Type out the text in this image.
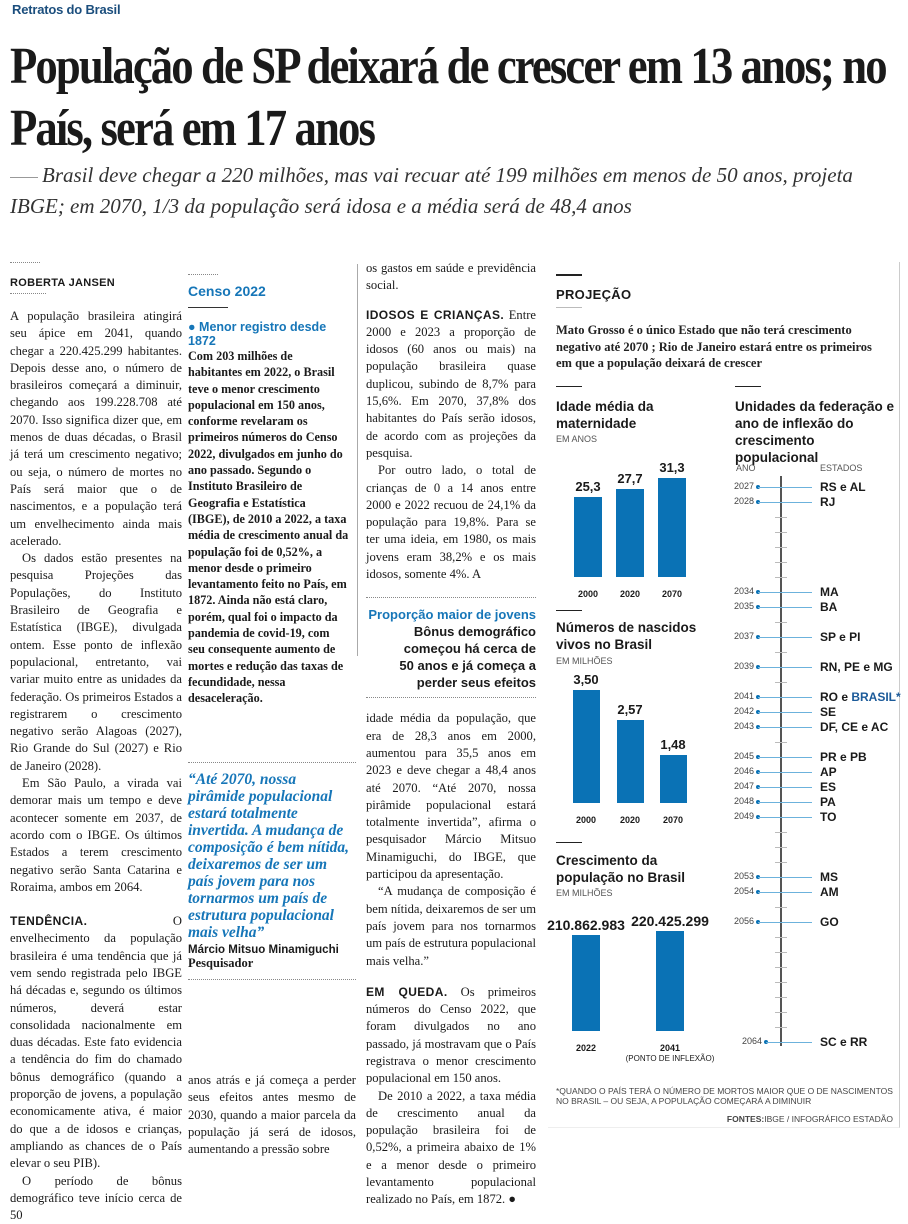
Retratos do Brasil
População de SP deixará de crescer em 13 anos; no País, será em 17 anos
Brasil deve chegar a 220 milhões, mas vai recuar até 199 milhões em menos de 50 anos, projeta IBGE; em 2070, 1/3 da população será idosa e a média será de 48,4 anos
ROBERTA JANSEN

A população brasileira atingirá seu ápice em 2041, quando chegar a 220.425.299 habitantes. Depois desse ano, o número de brasileiros começará a diminuir, chegando aos 199.228.708 até 2070. Isso significa dizer que, em menos de duas décadas, o Brasil já terá um crescimento negativo; ou seja, o número de mortes no País será maior que o de nascimentos, e a população terá um envelhecimento ainda mais acelerado.

Os dados estão presentes na pesquisa Projeções das Populações, do Instituto Brasileiro de Geografia e Estatística (IBGE), divulgada ontem. Esse ponto de inflexão populacional, entretanto, vai variar muito entre as unidades da federação. Os primeiros Estados a registrarem o crescimento negativo serão Alagoas (2027), Rio Grande do Sul (2027) e Rio de Janeiro (2028).

Em São Paulo, a virada vai demorar mais um tempo e deve acontecer somente em 2037, de acordo com o IBGE. Os últimos Estados a terem crescimento negativo serão Santa Catarina e Roraima, ambos em 2064.

TENDÊNCIA. O envelhecimento da população brasileira é uma tendência que já vem sendo registrada pelo IBGE há décadas e, segundo os últimos números, deverá estar consolidada nacionalmente em duas décadas. Este fato evidencia a tendência do fim do chamado bônus demográfico (quando a proporção de jovens, a população economicamente ativa, é maior do que a de idosos e crianças, ampliando as chances de o País elevar o seu PIB).

O período de bônus demográfico teve início cerca de 50

Censo 2022
● Menor registro desde 1872
Com 203 milhões de habitantes em 2022, o Brasil teve o menor crescimento populacional em 150 anos, conforme revelaram os primeiros números do Censo 2022, divulgados em junho do ano passado. Segundo o Instituto Brasileiro de Geografia e Estatística (IBGE), de 2010 a 2022, a taxa média de crescimento anual da população foi de 0,52%, a menor desde o primeiro levantamento feito no País, em 1872. Ainda não está claro, porém, qual foi o impacto da pandemia de covid-19, com seu consequente aumento de mortes e redução das taxas de fecundidade, nessa desaceleração.
“Até 2070, nossa pirâmide populacional estará totalmente invertida. A mudança de composição é bem nítida, deixaremos de ser um país jovem para nos tornarmos um país de estrutura populacional mais velha”
Márcio Mitsuo Minamiguchi
Pesquisador

anos atrás e já começa a perder seus efeitos antes mesmo de 2030, quando a maior parcela da população já será de idosos, aumentando a pressão sobre

os gastos em saúde e previdência social.

IDOSOS E CRIANÇAS. Entre 2000 e 2023 a proporção de idosos (60 anos ou mais) na população brasileira quase duplicou, subindo de 8,7% para 15,6%. Em 2070, 37,8% dos habitantes do País serão idosos, de acordo com as projeções da pesquisa.

Por outro lado, o total de crianças de 0 a 14 anos entre 2000 e 2022 recuou de 24,1% da população para 19,8%. Para se ter uma ideia, em 1980, os mais jovens eram 38,2% e os mais idosos, somente 4%. A

Proporção maior de jovens
Bônus demográfico começou há cerca de 50 anos e já começa a perder seus efeitos

idade média da população, que era de 28,3 anos em 2000, aumentou para 35,5 anos em 2023 e deve chegar a 48,4 anos até 2070. “Até 2070, nossa pirâmide populacional estará totalmente invertida”, afirma o pesquisador Márcio Mitsuo Minamiguchi, do IBGE, que participou da apresentação.

“A mudança de composição é bem nítida, deixaremos de ser um país jovem para nos tornarmos um país de estrutura populacional mais velha.”

EM QUEDA. Os primeiros números do Censo 2022, que foram divulgados no ano passado, já mostravam que o País registrava o menor crescimento populacional em 150 anos.

De 2010 a 2022, a taxa média de crescimento anual da população brasileira foi de 0,52%, a primeira abaixo de 1% e a menor desde o primeiro levantamento populacional realizado no País, em 1872. ●

PROJEÇÃO
Mato Grosso é o único Estado que não terá crescimento negativo até 2070 ; Rio de Janeiro estará entre os primeiros em que a população deixará de crescer
Idade média da maternidade
EM ANOS
Números de nascidos vivos no Brasil
EM MILHÕES
Crescimento da população no Brasil
EM MILHÕES
Unidades da federação e ano de inflexão do crescimento populacional
ANO	ESTADOS
*QUANDO O PAÍS TERÁ O NÚMERO DE MORTOS MAIOR QUE O DE NASCIMENTOS NO BRASIL – OU SEJA, A POPULAÇÃO COMEÇARÁ A DIMINUIR
FONTES:IBGE / INFOGRÁFICO ESTADÃO
25,3
2000
27,7
2020
31,3
2070
3,50
2000
2,57
2020
1,48
2070
210.862.983
2022
220.425.299
2041
(PONTO DE INFLEXÃO)
2027	RS e AL
2028	RJ
2034	MA
2035	BA
2037	SP e PI
2039	RN, PE e MG
2041	RO e BRASIL*
2042	SE
2043	DF, CE e AC
2045	PR e PB
2046	AP
2047	ES
2048	PA
2049	TO
2053	MS
2054	AM
2056	GO
2064	SC e RR
